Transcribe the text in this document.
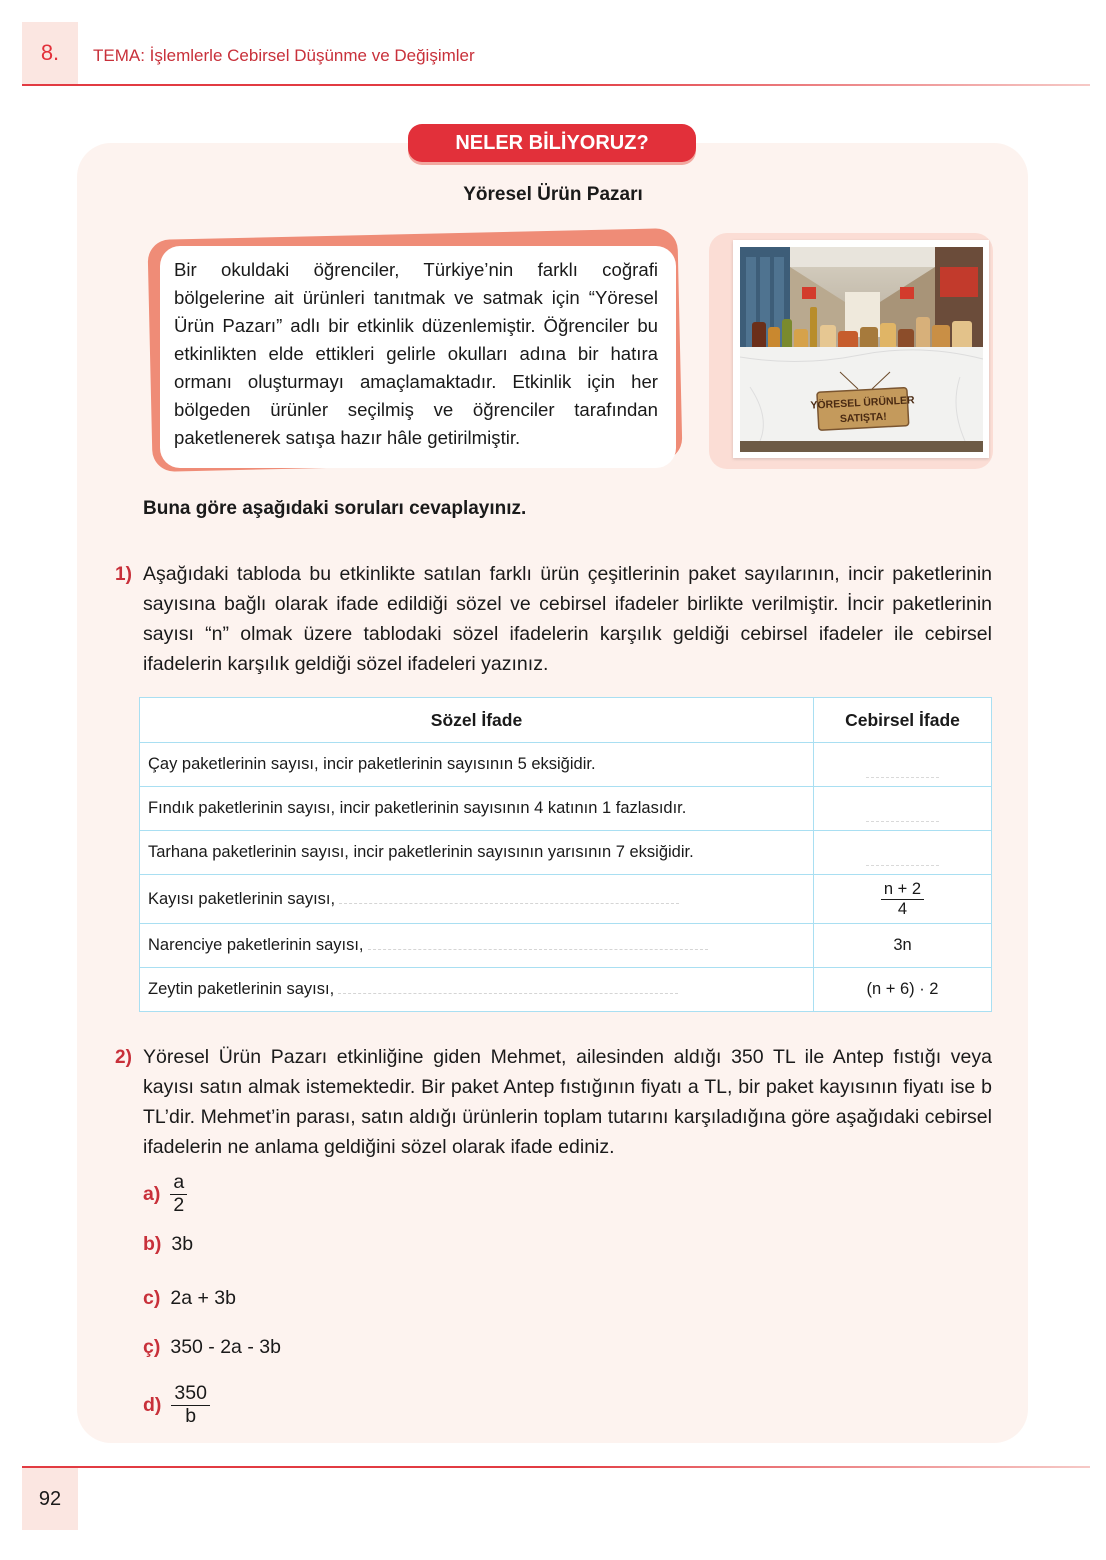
8. TEMA: İşlemlerle Cebirsel Düşünme ve Değişimler
NELER BİLİYORUZ?
Yöresel Ürün Pazarı
Bir okuldaki öğrenciler, Türkiye’nin farklı coğrafi bölgelerine ait ürünleri tanıtmak ve satmak için “Yöresel Ürün Pazarı” adlı bir etkinlik düzenlemiştir. Öğrenciler bu etkinlikten elde ettikleri gelirle okulları adına bir hatıra ormanı oluşturmayı amaçlamaktadır. Etkinlik için her bölgeden ürünler seçilmiş ve öğrenciler tarafından paketlenerek satışa hazır hâle getirilmiştir.
YÖRESEL ÜRÜNLER
SATIŞTA!
Buna göre aşağıdaki soruları cevaplayınız.
1) Aşağıdaki tabloda bu etkinlikte satılan farklı ürün çeşitlerinin paket sayılarının, incir paketlerinin sayısına bağlı olarak ifade edildiği sözel ve cebirsel ifadeler birlikte verilmiştir. İncir paketlerinin sayısı “n” olmak üzere tablodaki sözel ifadelerin karşılık geldiği cebirsel ifadeler ile cebirsel ifadelerin karşılık geldiği sözel ifadeleri yazınız.
Sözel İfade	Cebirsel İfade
Çay paketlerinin sayısı, incir paketlerinin sayısının 5 eksiğidir.	

Fındık paketlerinin sayısı, incir paketlerinin sayısının 4 katının 1 fazlasıdır.	

Tarhana paketlerinin sayısı, incir paketlerinin sayısının yarısının 7 eksiğidir.	

Kayısı paketlerinin sayısı,	$\frac{n + 2}{4}$

Narenciye paketlerinin sayısı,	3n
Zeytin paketlerinin sayısı,	(n + 6) · 2
2) Yöresel Ürün Pazarı etkinliğine giden Mehmet, ailesinden aldığı 350 TL ile Antep fıstığı veya kayısı satın almak istemektedir. Bir paket Antep fıstığının fiyatı a TL, bir paket kayısının fiyatı ise b TL’dir. Mehmet’in parası, satın aldığı ürünlerin toplam tutarını karşıladığına göre aşağıdaki cebirsel ifadelerin ne anlama geldiğini sözel olarak ifade ediniz.
$a) \frac{a}{2}$
b) 3b
c) 2a + 3b
ç) 350 - 2a - 3b
$d) \frac{350}{b}$
92
